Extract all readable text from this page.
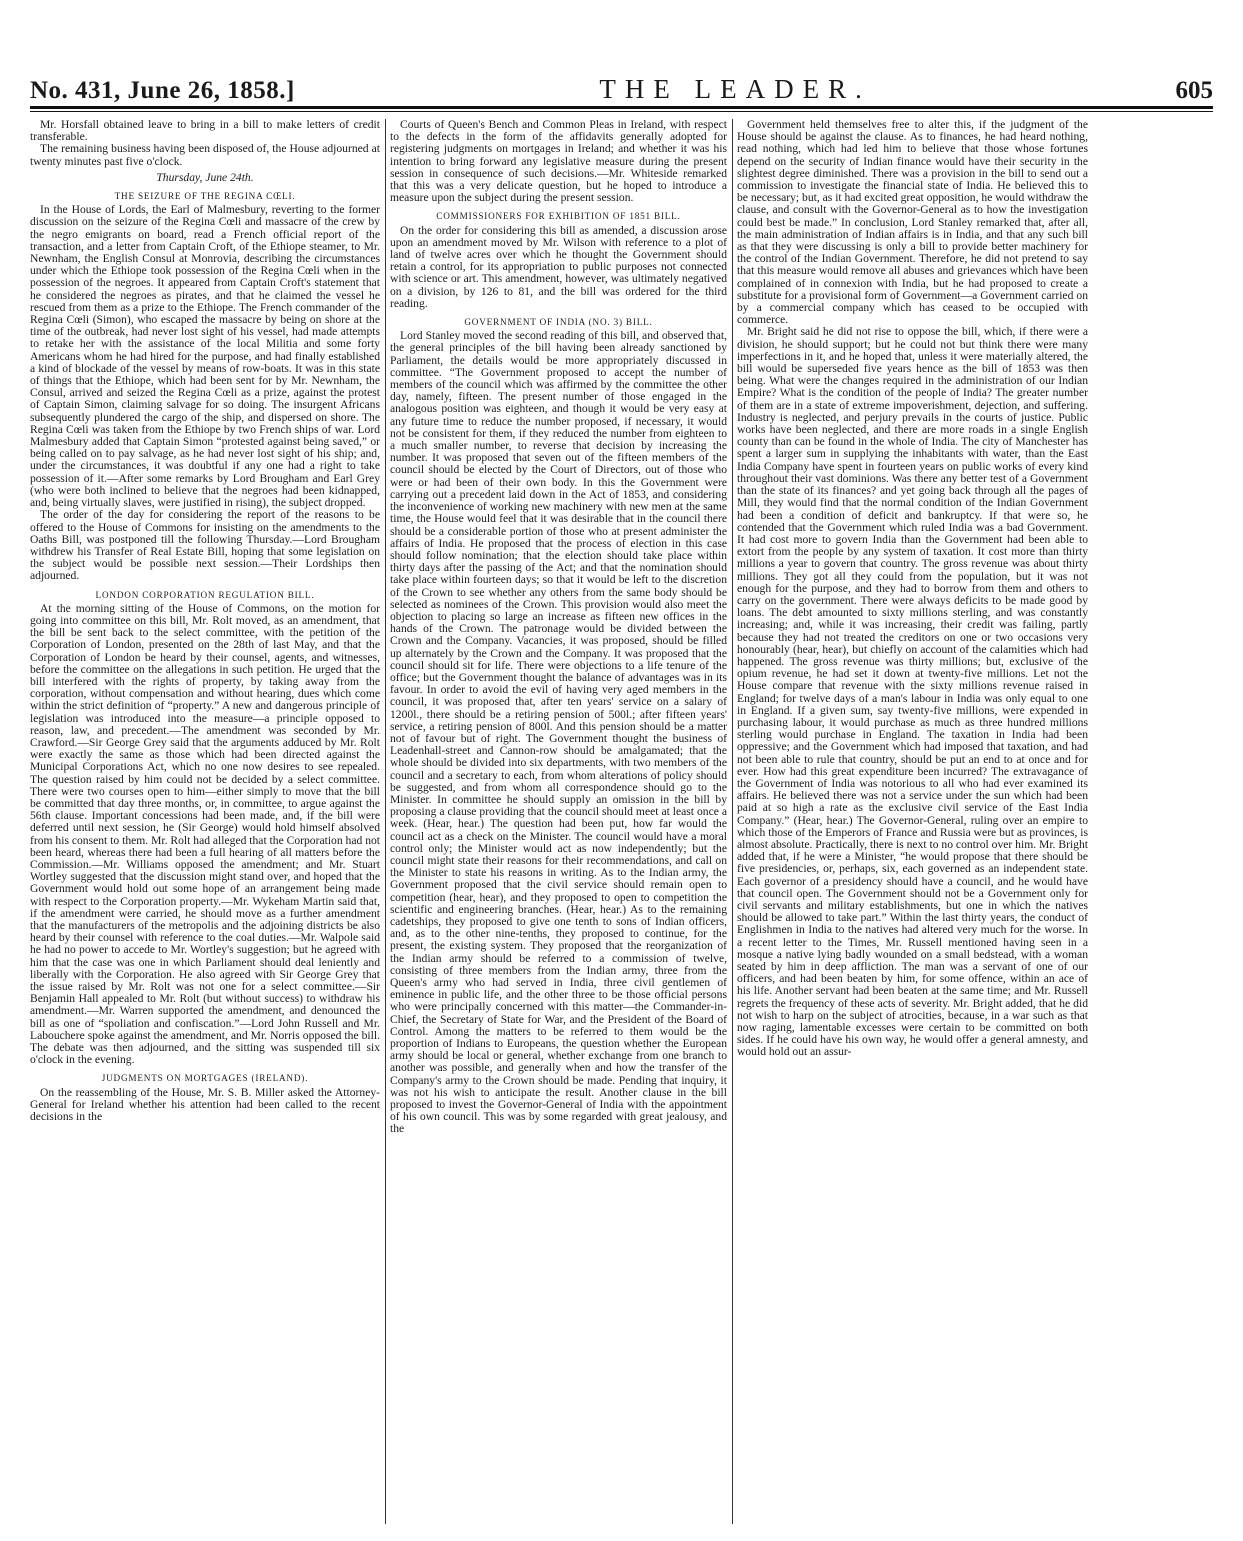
No. 431, June 26, 1858.]	THE LEADER.	605

Mr. Horsfall obtained leave to bring in a bill to make letters of credit transferable.

The remaining business having been disposed of, the House adjourned at twenty minutes past five o'clock.

Thursday, June 24th.

THE SEIZURE OF THE REGINA CŒLI.

In the House of Lords, the Earl of Malmesbury, reverting to the former discussion on the seizure of the Regina Cœli and massacre of the crew by the negro emigrants on board, read a French official report of the transaction, and a letter from Captain Croft, of the Ethiope steamer, to Mr. Newnham, the English Consul at Monrovia, describing the circumstances under which the Ethiope took possession of the Regina Cœli when in the possession of the negroes. It appeared from Captain Croft's statement that he considered the negroes as pirates, and that he claimed the vessel he rescued from them as a prize to the Ethiope. The French commander of the Regina Cœli (Simon), who escaped the massacre by being on shore at the time of the outbreak, had never lost sight of his vessel, had made attempts to retake her with the assistance of the local Militia and some forty Americans whom he had hired for the purpose, and had finally established a kind of blockade of the vessel by means of row-boats. It was in this state of things that the Ethiope, which had been sent for by Mr. Newnham, the Consul, arrived and seized the Regina Cœli as a prize, against the protest of Captain Simon, claiming salvage for so doing. The insurgent Africans subsequently plundered the cargo of the ship, and dispersed on shore. The Regina Cœli was taken from the Ethiope by two French ships of war. Lord Malmesbury added that Captain Simon “protested against being saved,” or being called on to pay salvage, as he had never lost sight of his ship; and, under the circumstances, it was doubtful if any one had a right to take possession of it.—After some remarks by Lord Brougham and Earl Grey (who were both inclined to believe that the negroes had been kidnapped, and, being virtually slaves, were justified in rising), the subject dropped.

The order of the day for considering the report of the reasons to be offered to the House of Commons for insisting on the amendments to the Oaths Bill, was postponed till the following Thursday.—Lord Brougham withdrew his Transfer of Real Estate Bill, hoping that some legislation on the subject would be possible next session.—Their Lordships then adjourned.

LONDON CORPORATION REGULATION BILL.

At the morning sitting of the House of Commons, on the motion for going into committee on this bill, Mr. Rolt moved, as an amendment, that the bill be sent back to the select committee, with the petition of the Corporation of London, presented on the 28th of last May, and that the Corporation of London be heard by their counsel, agents, and witnesses, before the committee on the allegations in such petition. He urged that the bill interfered with the rights of property, by taking away from the corporation, without compensation and without hearing, dues which come within the strict definition of “property.” A new and dangerous principle of legislation was introduced into the measure—a principle opposed to reason, law, and precedent.—The amendment was seconded by Mr. Crawford.—Sir George Grey said that the arguments adduced by Mr. Rolt were exactly the same as those which had been directed against the Municipal Corporations Act, which no one now desires to see repealed. The question raised by him could not be decided by a select committee. There were two courses open to him—either simply to move that the bill be committed that day three months, or, in committee, to argue against the 56th clause. Important concessions had been made, and, if the bill were deferred until next session, he (Sir George) would hold himself absolved from his consent to them. Mr. Rolt had alleged that the Corporation had not been heard, whereas there had been a full hearing of all matters before the Commission.—Mr. Williams opposed the amendment; and Mr. Stuart Wortley suggested that the discussion might stand over, and hoped that the Government would hold out some hope of an arrangement being made with respect to the Corporation property.—Mr. Wykeham Martin said that, if the amendment were carried, he should move as a further amendment that the manufacturers of the metropolis and the adjoining districts be also heard by their counsel with reference to the coal duties.—Mr. Walpole said he had no power to accede to Mr. Wortley's suggestion; but he agreed with him that the case was one in which Parliament should deal leniently and liberally with the Corporation. He also agreed with Sir George Grey that the issue raised by Mr. Rolt was not one for a select committee.—Sir Benjamin Hall appealed to Mr. Rolt (but without success) to withdraw his amendment.—Mr. Warren supported the amendment, and denounced the bill as one of “spoliation and confiscation.”—Lord John Russell and Mr. Labouchere spoke against the amendment, and Mr. Norris opposed the bill. The debate was then adjourned, and the sitting was suspended till six o'clock in the evening.

JUDGMENTS ON MORTGAGES (IRELAND).

On the reassembling of the House, Mr. S. B. Miller asked the Attorney-General for Ireland whether his attention had been called to the recent decisions in the

Courts of Queen's Bench and Common Pleas in Ireland, with respect to the defects in the form of the affidavits generally adopted for registering judgments on mortgages in Ireland; and whether it was his intention to bring forward any legislative measure during the present session in consequence of such decisions.—Mr. Whiteside remarked that this was a very delicate question, but he hoped to introduce a measure upon the subject during the present session.

COMMISSIONERS FOR EXHIBITION OF 1851 BILL.

On the order for considering this bill as amended, a discussion arose upon an amendment moved by Mr. Wilson with reference to a plot of land of twelve acres over which he thought the Government should retain a control, for its appropriation to public purposes not connected with science or art. This amendment, however, was ultimately negatived on a division, by 126 to 81, and the bill was ordered for the third reading.

GOVERNMENT OF INDIA (NO. 3) BILL.

Lord Stanley moved the second reading of this bill, and observed that, the general principles of the bill having been already sanctioned by Parliament, the details would be more appropriately discussed in committee. “The Government proposed to accept the number of members of the council which was affirmed by the committee the other day, namely, fifteen. The present number of those engaged in the analogous position was eighteen, and though it would be very easy at any future time to reduce the number proposed, if necessary, it would not be consistent for them, if they reduced the number from eighteen to a much smaller number, to reverse that decision by increasing the number. It was proposed that seven out of the fifteen members of the council should be elected by the Court of Directors, out of those who were or had been of their own body. In this the Government were carrying out a precedent laid down in the Act of 1853, and considering the inconvenience of working new machinery with new men at the same time, the House would feel that it was desirable that in the council there should be a considerable portion of those who at present administer the affairs of India. He proposed that the process of election in this case should follow nomination; that the election should take place within thirty days after the passing of the Act; and that the nomination should take place within fourteen days; so that it would be left to the discretion of the Crown to see whether any others from the same body should be selected as nominees of the Crown. This provision would also meet the objection to placing so large an increase as fifteen new offices in the hands of the Crown. The patronage would be divided between the Crown and the Company. Vacancies, it was proposed, should be filled up alternately by the Crown and the Company. It was proposed that the council should sit for life. There were objections to a life tenure of the office; but the Government thought the balance of advantages was in its favour. In order to avoid the evil of having very aged members in the council, it was proposed that, after ten years' service on a salary of 1200l., there should be a retiring pension of 500l.; after fifteen years' service, a retiring pension of 800l. And this pension should be a matter not of favour but of right. The Government thought the business of Leadenhall-street and Cannon-row should be amalgamated; that the whole should be divided into six departments, with two members of the council and a secretary to each, from whom alterations of policy should be suggested, and from whom all correspondence should go to the Minister. In committee he should supply an omission in the bill by proposing a clause providing that the council should meet at least once a week. (Hear, hear.) The question had been put, how far would the council act as a check on the Minister. The council would have a moral control only; the Minister would act as now independently; but the council might state their reasons for their recommendations, and call on the Minister to state his reasons in writing. As to the Indian army, the Government proposed that the civil service should remain open to competition (hear, hear), and they proposed to open to competition the scientific and engineering branches. (Hear, hear.) As to the remaining cadetships, they proposed to give one tenth to sons of Indian officers, and, as to the other nine-tenths, they proposed to continue, for the present, the existing system. They proposed that the reorganization of the Indian army should be referred to a commission of twelve, consisting of three members from the Indian army, three from the Queen's army who had served in India, three civil gentlemen of eminence in public life, and the other three to be those official persons who were principally concerned with this matter—the Commander-in-Chief, the Secretary of State for War, and the President of the Board of Control. Among the matters to be referred to them would be the proportion of Indians to Europeans, the question whether the European army should be local or general, whether exchange from one branch to another was possible, and generally when and how the transfer of the Company's army to the Crown should be made. Pending that inquiry, it was not his wish to anticipate the result. Another clause in the bill proposed to invest the Governor-General of India with the appointment of his own council. This was by some regarded with great jealousy, and the

Government held themselves free to alter this, if the judgment of the House should be against the clause. As to finances, he had heard nothing, read nothing, which had led him to believe that those whose fortunes depend on the security of Indian finance would have their security in the slightest degree diminished. There was a provision in the bill to send out a commission to investigate the financial state of India. He believed this to be necessary; but, as it had excited great opposition, he would withdraw the clause, and consult with the Governor-General as to how the investigation could best be made.” In conclusion, Lord Stanley remarked that, after all, the main administration of Indian affairs is in India, and that any such bill as that they were discussing is only a bill to provide better machinery for the control of the Indian Government. Therefore, he did not pretend to say that this measure would remove all abuses and grievances which have been complained of in connexion with India, but he had proposed to create a substitute for a provisional form of Government—a Government carried on by a commercial company which has ceased to be occupied with commerce.

Mr. Bright said he did not rise to oppose the bill, which, if there were a division, he should support; but he could not but think there were many imperfections in it, and he hoped that, unless it were materially altered, the bill would be superseded five years hence as the bill of 1853 was then being. What were the changes required in the administration of our Indian Empire? What is the condition of the people of India? The greater number of them are in a state of extreme impoverishment, dejection, and suffering. Industry is neglected, and perjury prevails in the courts of justice. Public works have been neglected, and there are more roads in a single English county than can be found in the whole of India. The city of Manchester has spent a larger sum in supplying the inhabitants with water, than the East India Company have spent in fourteen years on public works of every kind throughout their vast dominions. Was there any better test of a Government than the state of its finances? and yet going back through all the pages of Mill, they would find that the normal condition of the Indian Government had been a condition of deficit and bankruptcy. If that were so, he contended that the Government which ruled India was a bad Government. It had cost more to govern India than the Government had been able to extort from the people by any system of taxation. It cost more than thirty millions a year to govern that country. The gross revenue was about thirty millions. They got all they could from the population, but it was not enough for the purpose, and they had to borrow from them and others to carry on the government. There were always deficits to be made good by loans. The debt amounted to sixty millions sterling, and was constantly increasing; and, while it was increasing, their credit was failing, partly because they had not treated the creditors on one or two occasions very honourably (hear, hear), but chiefly on account of the calamities which had happened. The gross revenue was thirty millions; but, exclusive of the opium revenue, he had set it down at twenty-five millions. Let not the House compare that revenue with the sixty millions revenue raised in England; for twelve days of a man's labour in India was only equal to one in England. If a given sum, say twenty-five millions, were expended in purchasing labour, it would purchase as much as three hundred millions sterling would purchase in England. The taxation in India had been oppressive; and the Government which had imposed that taxation, and had not been able to rule that country, should be put an end to at once and for ever. How had this great expenditure been incurred? The extravagance of the Government of India was notorious to all who had ever examined its affairs. He believed there was not a service under the sun which had been paid at so high a rate as the exclusive civil service of the East India Company.” (Hear, hear.) The Governor-General, ruling over an empire to which those of the Emperors of France and Russia were but as provinces, is almost absolute. Practically, there is next to no control over him. Mr. Bright added that, if he were a Minister, “he would propose that there should be five presidencies, or, perhaps, six, each governed as an independent state. Each governor of a presidency should have a council, and he would have that council open. The Government should not be a Government only for civil servants and military establishments, but one in which the natives should be allowed to take part.” Within the last thirty years, the conduct of Englishmen in India to the natives had altered very much for the worse. In a recent letter to the Times, Mr. Russell mentioned having seen in a mosque a native lying badly wounded on a small bedstead, with a woman seated by him in deep affliction. The man was a servant of one of our officers, and had been beaten by him, for some offence, within an ace of his life. Another servant had been beaten at the same time; and Mr. Russell regrets the frequency of these acts of severity. Mr. Bright added, that he did not wish to harp on the subject of atrocities, because, in a war such as that now raging, lamentable excesses were certain to be committed on both sides. If he could have his own way, he would offer a general amnesty, and would hold out an assur-
